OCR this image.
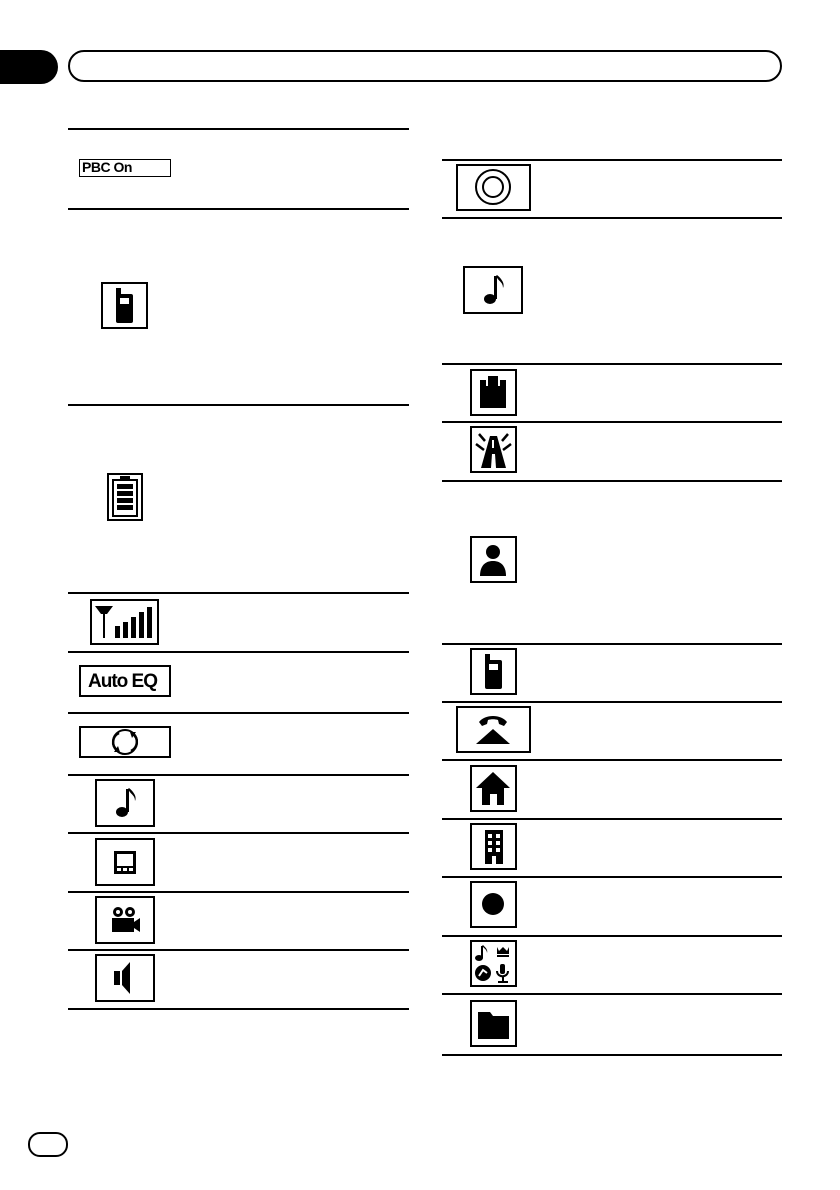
PBC On
Auto EQ
